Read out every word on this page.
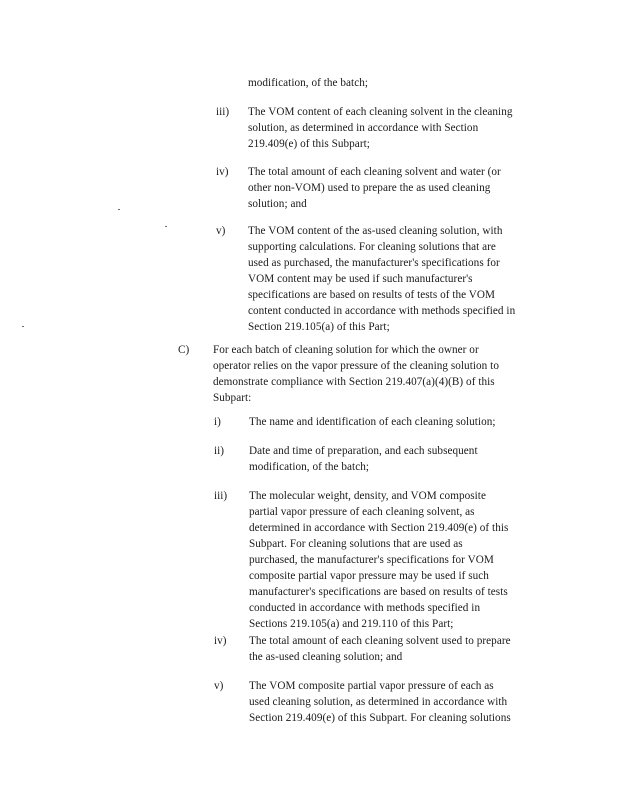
modification, of the batch;
iii) The VOM content of each cleaning solvent in the cleaning
solution, as determined in accordance with Section
219.409(e) of this Subpart;
iv) The total amount of each cleaning solvent and water (or
other non-VOM) used to prepare the as used cleaning
solution; and
v) The VOM content of the as-used cleaning solution, with
supporting calculations. For cleaning solutions that are
used as purchased, the manufacturer's specifications for
VOM content may be used if such manufacturer's
specifications are based on results of tests of the VOM
content conducted in accordance with methods specified in
Section 219.105(a) of this Part;
C) For each batch of cleaning solution for which the owner or
operator relies on the vapor pressure of the cleaning solution to
demonstrate compliance with Section 219.407(a)(4)(B) of this
Subpart:
i)	The name and identification of each cleaning solution;
ii) Date and time of preparation, and each subsequent
modification, of the batch;
iii) The molecular weight, density, and VOM composite
partial vapor pressure of each cleaning solvent, as
determined in accordance with Section 219.409(e) of this
Subpart. For cleaning solutions that are used as
purchased, the manufacturer's specifications for VOM
composite partial vapor pressure may be used if such
manufacturer's specifications are based on results of tests
conducted in accordance with methods specified in
Sections 219.105(a) and 219.110 of this Part;
iv) The total amount of each cleaning solvent used to prepare
the as-used cleaning solution; and
v) The VOM composite partial vapor pressure of each as
used cleaning solution, as determined in accordance with
Section 219.409(e) of this Subpart. For cleaning solutions
